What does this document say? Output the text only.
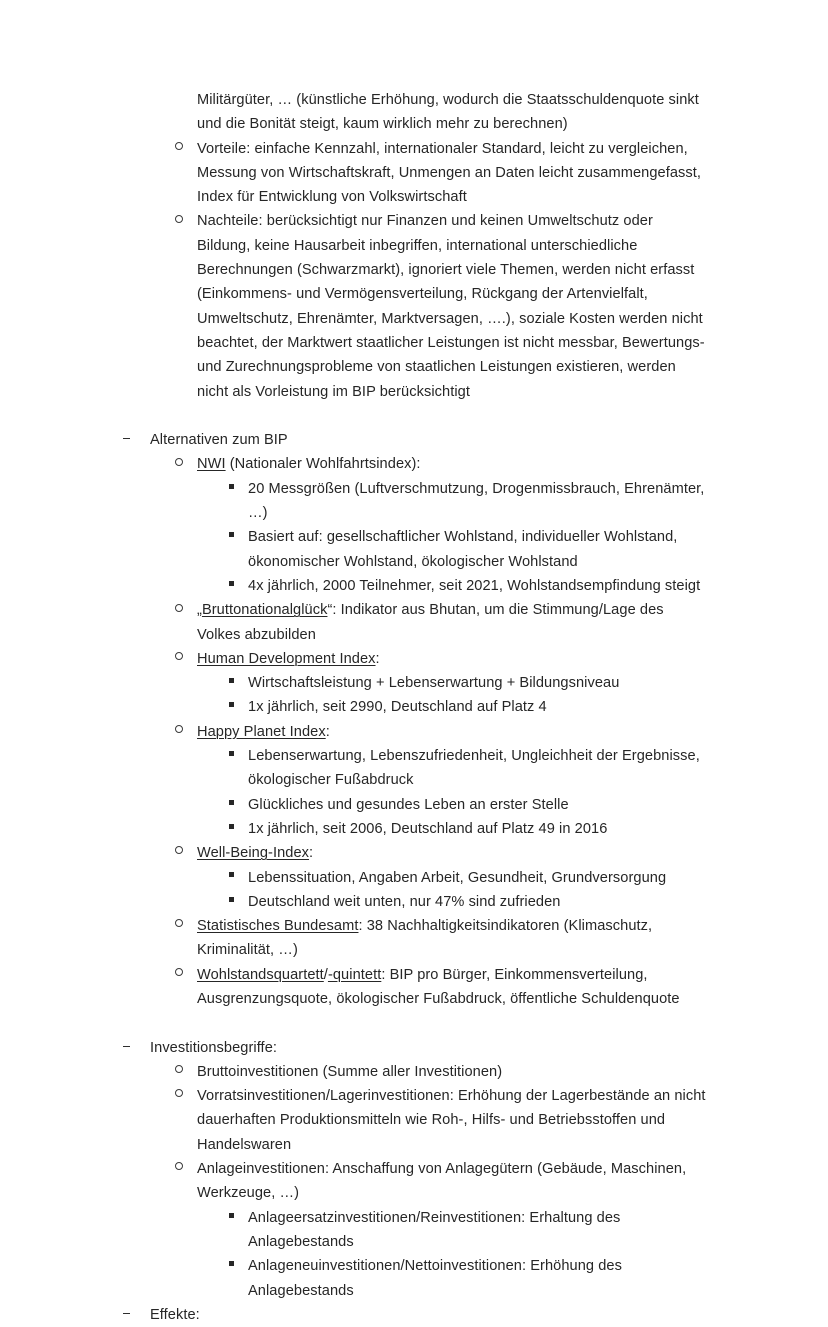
Militärgüter, … (künstliche Erhöhung, wodurch die Staatsschuldenquote sinkt und die Bonität steigt, kaum wirklich mehr zu berechnen)
Vorteile: einfache Kennzahl, internationaler Standard, leicht zu vergleichen, Messung von Wirtschaftskraft, Unmengen an Daten leicht zusammengefasst, Index für Entwicklung von Volkswirtschaft
Nachteile: berücksichtigt nur Finanzen und keinen Umweltschutz oder Bildung, keine Hausarbeit inbegriffen, international unterschiedliche Berechnungen (Schwarzmarkt), ignoriert viele Themen, werden nicht erfasst (Einkommens- und Vermögensverteilung, Rückgang der Artenvielfalt, Umweltschutz, Ehrenämter, Marktversagen, ….), soziale Kosten werden nicht beachtet, der Marktwert staatlicher Leistungen ist nicht messbar, Bewertungs- und Zurechnungsprobleme von staatlichen Leistungen existieren, werden nicht als Vorleistung im BIP berücksichtigt
Alternativen zum BIP
NWI (Nationaler Wohlfahrtsindex):
20 Messgrößen (Luftverschmutzung, Drogenmissbrauch, Ehrenämter, …)
Basiert auf: gesellschaftlicher Wohlstand, individueller Wohlstand, ökonomischer Wohlstand, ökologischer Wohlstand
4x jährlich, 2000 Teilnehmer, seit 2021, Wohlstandsempfindung steigt
„Bruttonationalglück“: Indikator aus Bhutan, um die Stimmung/Lage des Volkes abzubilden
Human Development Index:
Wirtschaftsleistung + Lebenserwartung + Bildungsniveau
1x jährlich, seit 2990, Deutschland auf Platz 4
Happy Planet Index:
Lebenserwartung, Lebenszufriedenheit, Ungleichheit der Ergebnisse, ökologischer Fußabdruck
Glückliches und gesundes Leben an erster Stelle
1x jährlich, seit 2006, Deutschland auf Platz 49 in 2016
Well-Being-Index:
Lebenssituation, Angaben Arbeit, Gesundheit, Grundversorgung
Deutschland weit unten, nur 47% sind zufrieden
Statistisches Bundesamt: 38 Nachhaltigkeitsindikatoren (Klimaschutz, Kriminalität, …)
Wohlstandsquartett/-quintett: BIP pro Bürger, Einkommensverteilung, Ausgrenzungsquote, ökologischer Fußabdruck, öffentliche Schuldenquote
Investitionsbegriffe:
Bruttoinvestitionen (Summe aller Investitionen)
Vorratsinvestitionen/Lagerinvestitionen: Erhöhung der Lagerbestände an nicht dauerhaften Produktionsmitteln wie Roh-, Hilfs- und Betriebsstoffen und Handelswaren
Anlageinvestitionen: Anschaffung von Anlagegütern (Gebäude, Maschinen, Werkzeuge, …)
Anlageersatzinvestitionen/Reinvestitionen: Erhaltung des Anlagebestands
Anlageneuinvestitionen/Nettoinvestitionen: Erhöhung des Anlagebestands
Effekte:
